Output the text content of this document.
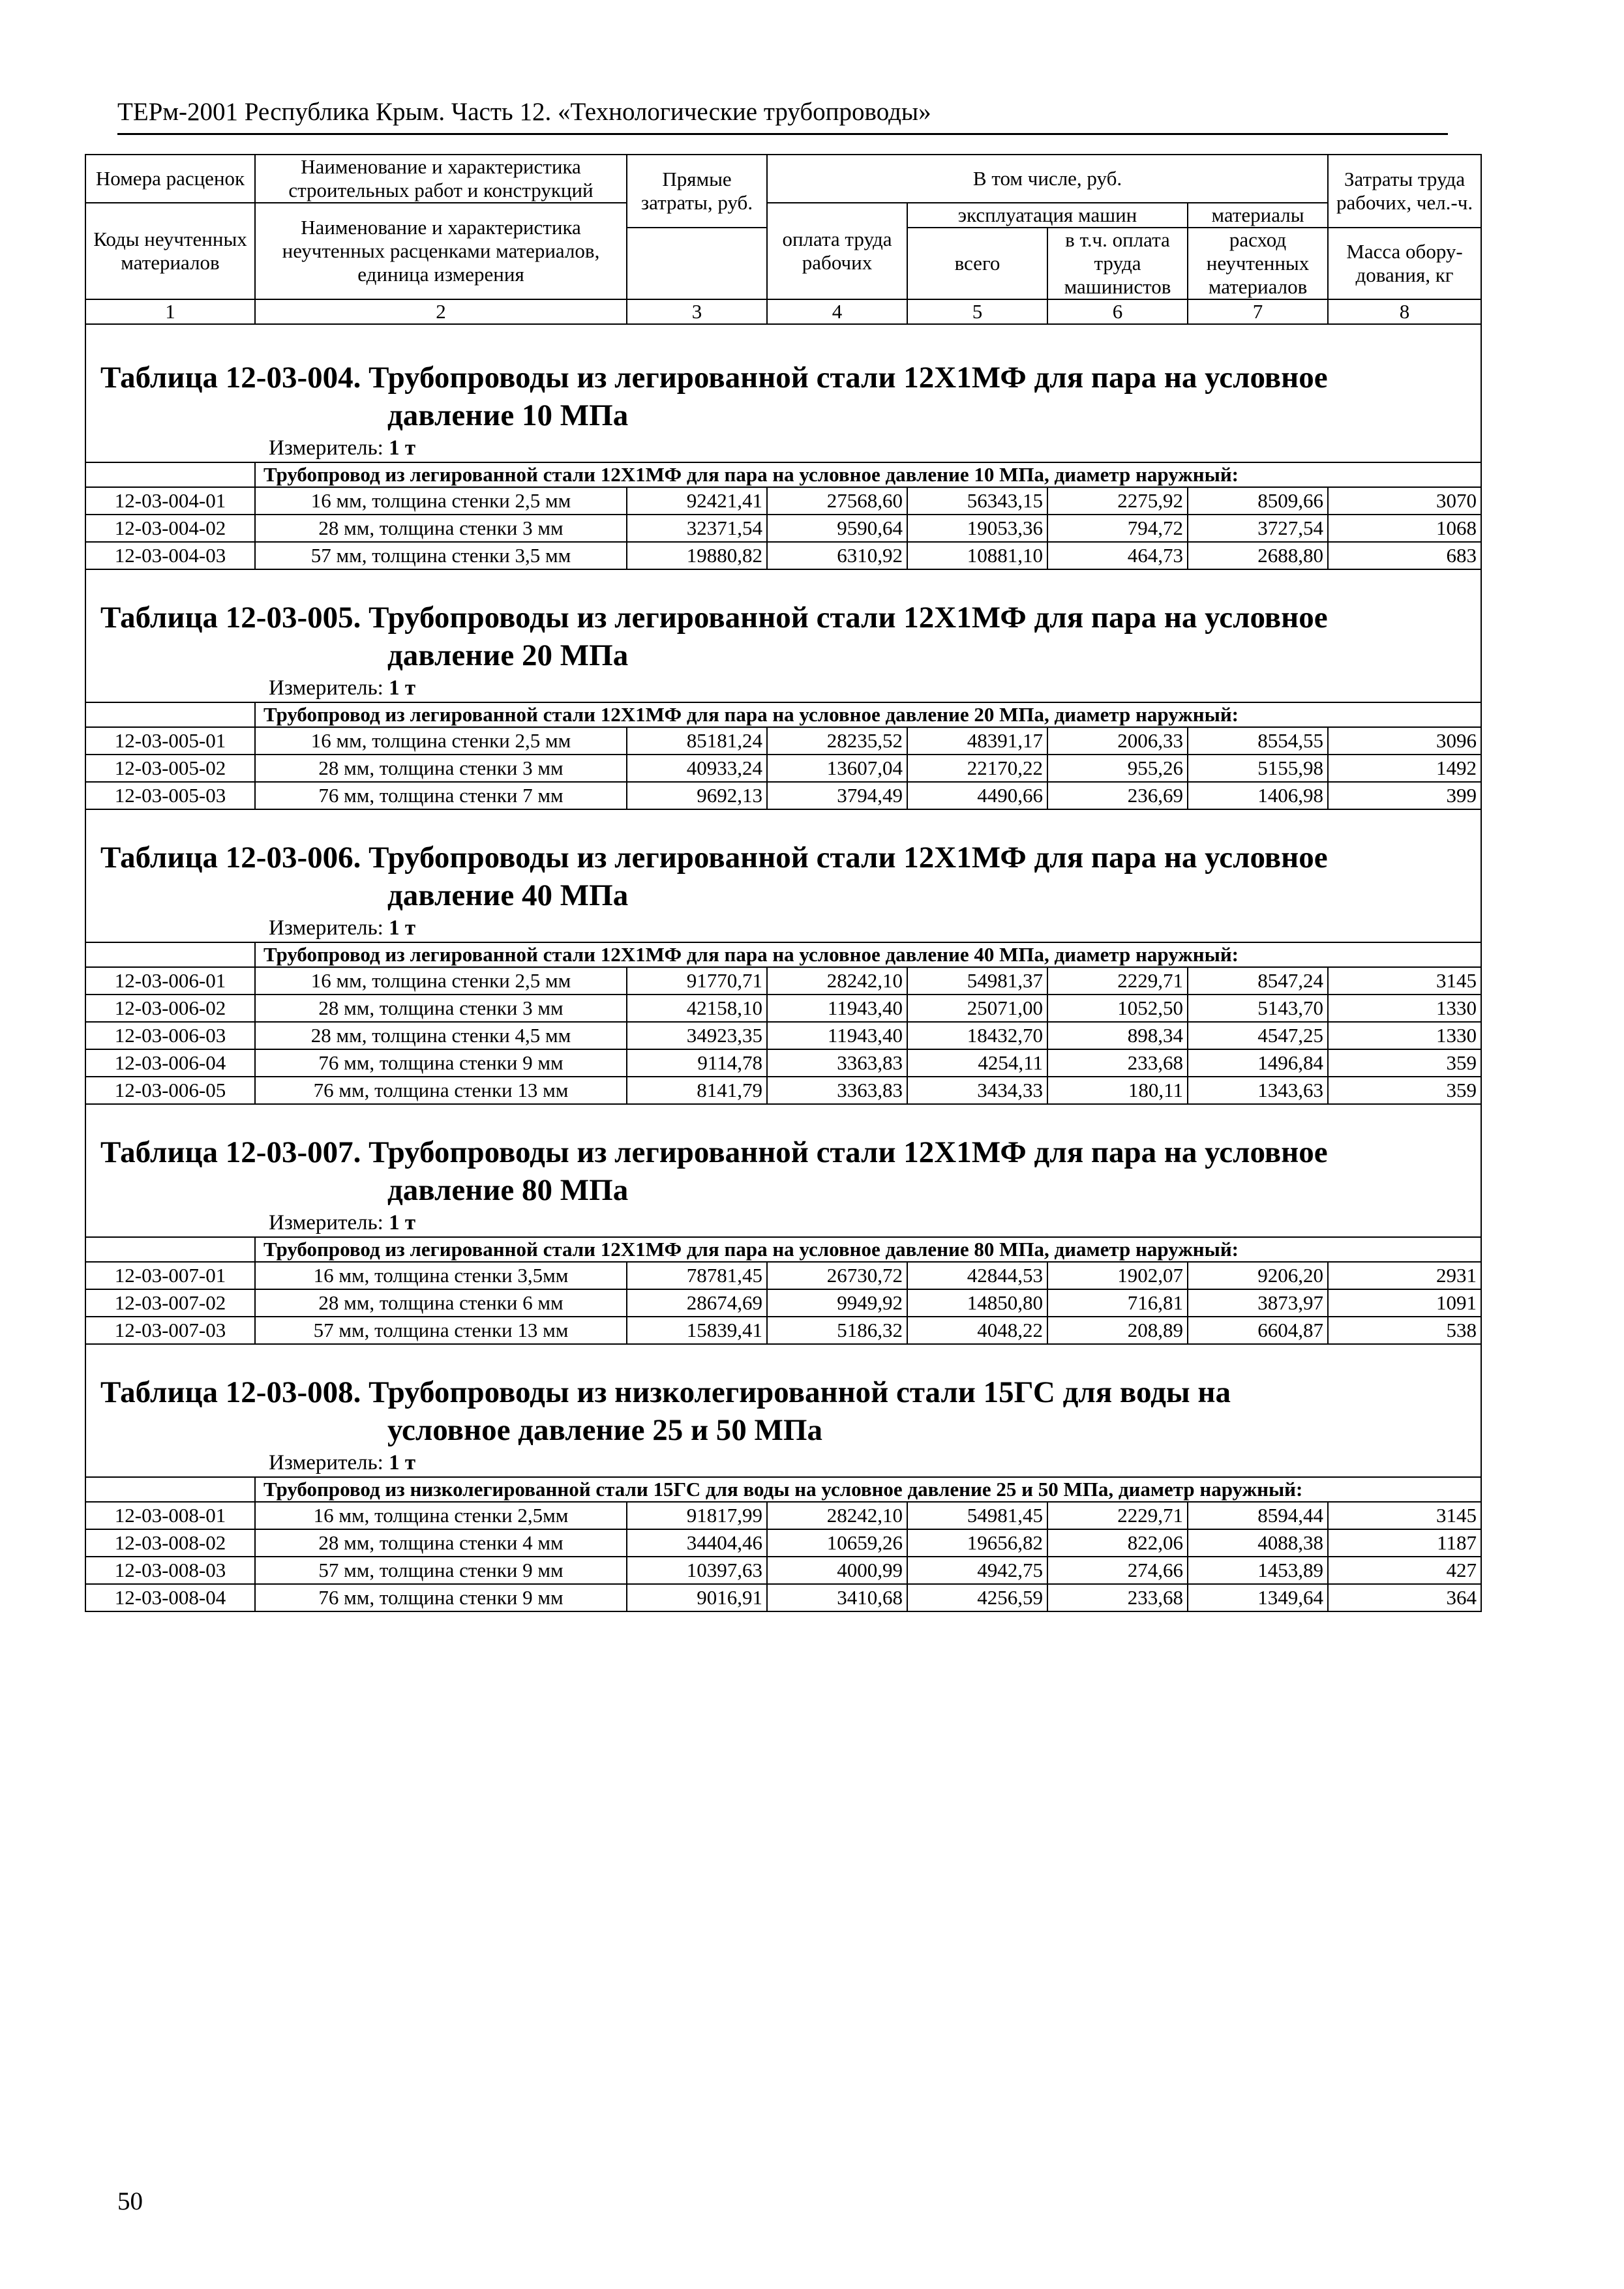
ТЕРм-2001 Республика Крым. Часть 12. «Технологические трубопроводы»
Номера расценок	Наименование и характеристика строительных работ и конструкций	Прямые затраты, руб.	В том числе, руб.				Затраты труда рабочих, чел.-ч.
Коды неучтенных материалов	Наименование и характеристика неучтенных расценками материалов, единица измерения		оплата труда рабочих	эксплуатация машин		материалы	
				всего	в т.ч. оплата труда машинистов	расход неучтенных материалов	Масса обору-дования, кг

1	2	3	4	5	6	7	8

Таблица 12-03-004. Трубопроводы из легированной стали 12Х1МФ для пара на условное
давление 10 МПа							

Измеритель: 1 т							
	Трубопровод из легированной стали 12Х1МФ для пара на условное давление 10 МПа, диаметр наружный:						
12-03-004-01	16 мм, толщина стенки 2,5 мм	92421,41	27568,60	56343,15	2275,92	8509,66	3070
12-03-004-02	28 мм, толщина стенки 3 мм	32371,54	9590,64	19053,36	794,72	3727,54	1068
12-03-004-03	57 мм, толщина стенки 3,5 мм	19880,82	6310,92	10881,10	464,73	2688,80	683

Таблица 12-03-005. Трубопроводы из легированной стали 12Х1МФ для пара на условное
давление 20 МПа							

Измеритель: 1 т							
	Трубопровод из легированной стали 12Х1МФ для пара на условное давление 20 МПа, диаметр наружный:						
12-03-005-01	16 мм, толщина стенки 2,5 мм	85181,24	28235,52	48391,17	2006,33	8554,55	3096
12-03-005-02	28 мм, толщина стенки 3 мм	40933,24	13607,04	22170,22	955,26	5155,98	1492
12-03-005-03	76 мм, толщина стенки 7 мм	9692,13	3794,49	4490,66	236,69	1406,98	399

Таблица 12-03-006. Трубопроводы из легированной стали 12Х1МФ для пара на условное
давление 40 МПа							

Измеритель: 1 т							
	Трубопровод из легированной стали 12Х1МФ для пара на условное давление 40 МПа, диаметр наружный:						
12-03-006-01	16 мм, толщина стенки 2,5 мм	91770,71	28242,10	54981,37	2229,71	8547,24	3145
12-03-006-02	28 мм, толщина стенки 3 мм	42158,10	11943,40	25071,00	1052,50	5143,70	1330
12-03-006-03	28 мм, толщина стенки 4,5 мм	34923,35	11943,40	18432,70	898,34	4547,25	1330
12-03-006-04	76 мм, толщина стенки 9 мм	9114,78	3363,83	4254,11	233,68	1496,84	359
12-03-006-05	76 мм, толщина стенки 13 мм	8141,79	3363,83	3434,33	180,11	1343,63	359

Таблица 12-03-007. Трубопроводы из легированной стали 12Х1МФ для пара на условное
давление 80 МПа							

Измеритель: 1 т							
	Трубопровод из легированной стали 12Х1МФ для пара на условное давление 80 МПа, диаметр наружный:						
12-03-007-01	16 мм, толщина стенки 3,5мм	78781,45	26730,72	42844,53	1902,07	9206,20	2931
12-03-007-02	28 мм, толщина стенки 6 мм	28674,69	9949,92	14850,80	716,81	3873,97	1091
12-03-007-03	57 мм, толщина стенки 13 мм	15839,41	5186,32	4048,22	208,89	6604,87	538

Таблица 12-03-008. Трубопроводы из низколегированной стали 15ГС для воды на
условное давление 25 и 50 МПа							

Измеритель: 1 т							
	Трубопровод из низколегированной стали 15ГС для воды на условное давление 25 и 50 МПа, диаметр наружный:						
12-03-008-01	16 мм, толщина стенки 2,5мм	91817,99	28242,10	54981,45	2229,71	8594,44	3145
12-03-008-02	28 мм, толщина стенки 4 мм	34404,46	10659,26	19656,82	822,06	4088,38	1187
12-03-008-03	57 мм, толщина стенки 9 мм	10397,63	4000,99	4942,75	274,66	1453,89	427
12-03-008-04	76 мм, толщина стенки 9 мм	9016,91	3410,68	4256,59	233,68	1349,64	364
50
